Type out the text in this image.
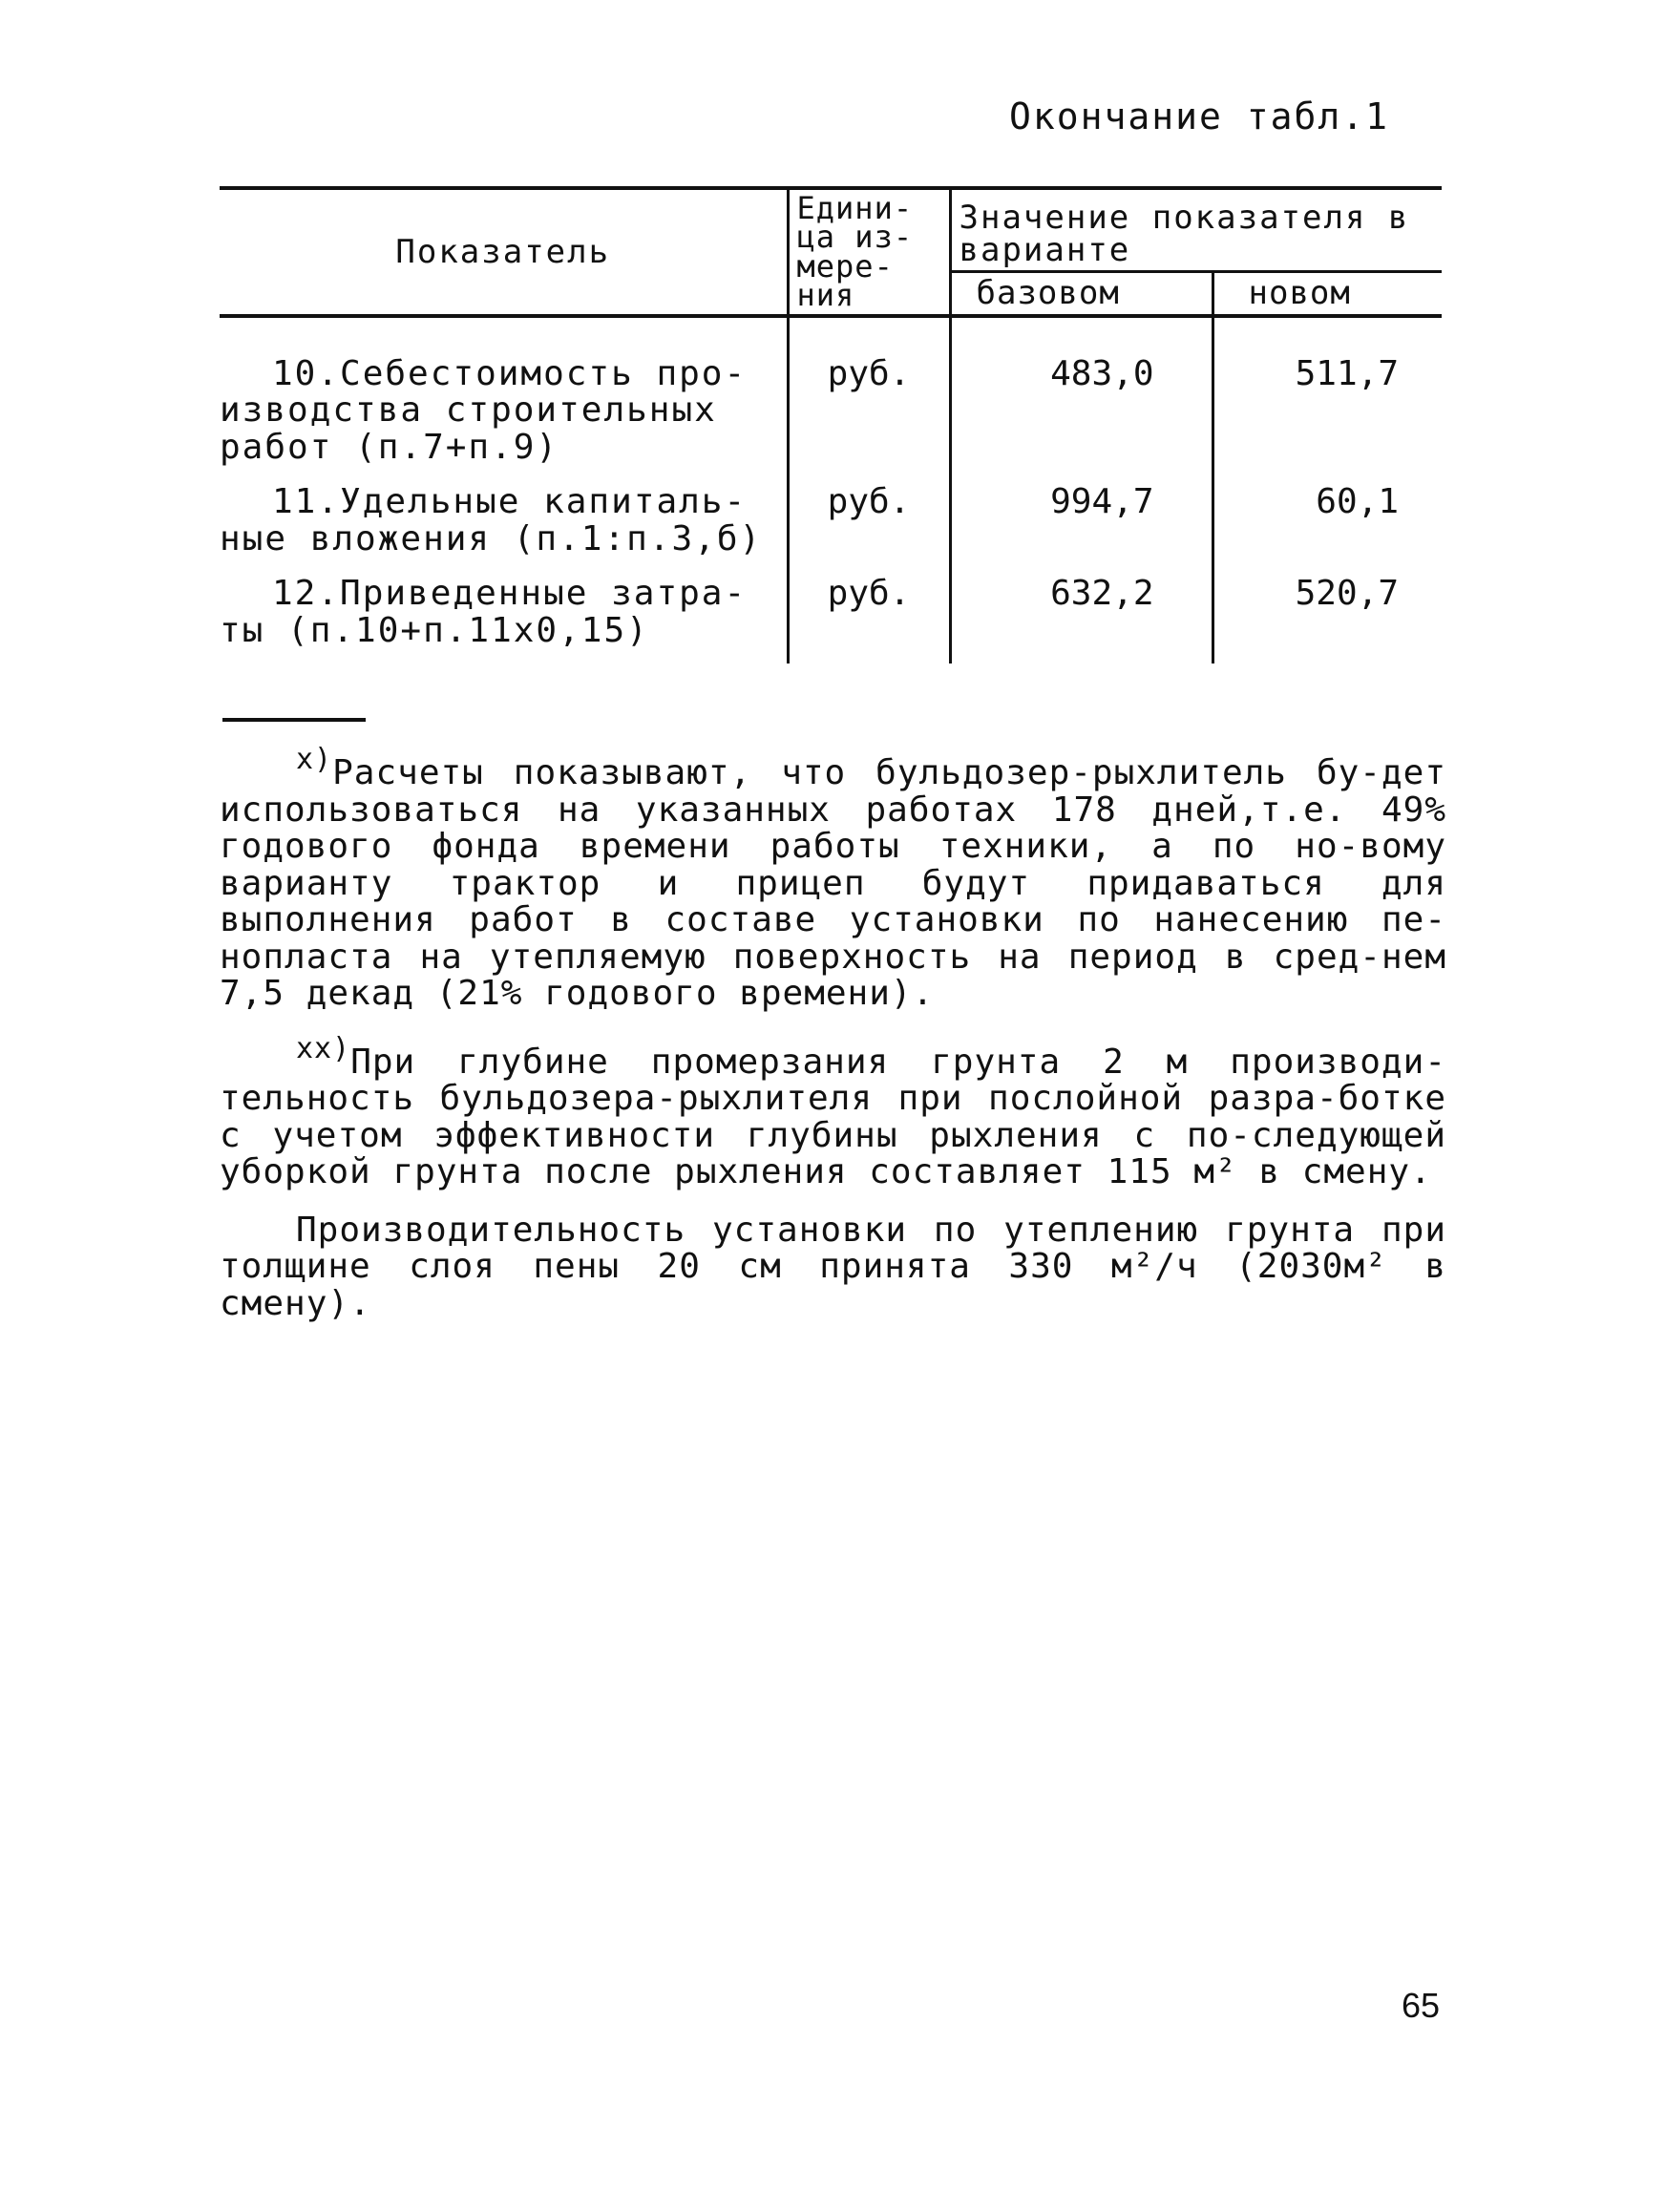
Окончание табл.1
Показатель	Едини-ца из-мере-ния	Значение показателя в варианте	
		базовом	новом
10.Себестоимость про-изводства строительных работ (п.7+п.9)	руб.	483,0	511,7
11.Удельные капиталь-ные вложения (п.1:п.3,б)	руб.	994,7	60,1
12.Приведенные затра-ты (п.10+п.11х0,15)	руб.	632,2	520,7

$^{x)}$Расчеты показывают, что бульдозер-рыхлитель бу-дет использоваться на указанных работах 178 дней,т.е. 49% годового фонда времени работы техники, а по но-вому варианту трактор и прицеп будут придаваться для выполнения работ в составе установки по нанесению пе-нопласта на утепляемую поверхность на период в сред-нем 7,5 декад (21% годового времени).

$^{xx)}$При глубине промерзания грунта 2 м производи-тельность бульдозера-рыхлителя при послойной разра-ботке с учетом эффективности глубины рыхления с по-следующей уборкой грунта после рыхления составляет 115 м² в смену.

Производительность установки по утеплению грунта при толщине слоя пены 20 см принята 330 м²/ч (2030м² в смену).

65
